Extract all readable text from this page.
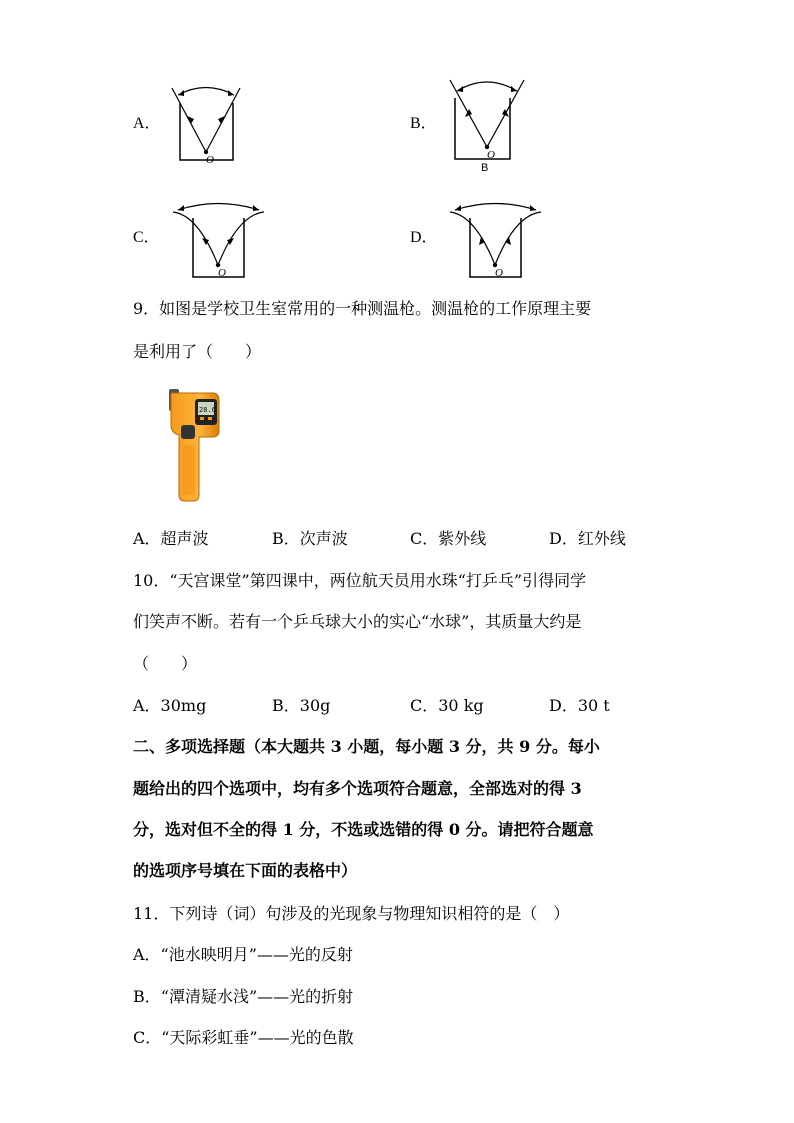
A．	B．
C．	D．
O	O
B
O	O
9．如图是学校卫生室常用的一种测温枪。测温枪的工作原理主要
是利用了（　　）
28.6
A．超声波	B．次声波	C．紫外线	D．红外线
10．“天宫课堂”第四课中，两位航天员用水珠“打乒乓”引得同学
们笑声不断。若有一个乒乓球大小的实心“水球”，其质量大约是
（　　）
A．30mg	B．30g	C．30 kg	D．30 t
二、多项选择题（本大题共 3 小题，每小题 3 分，共 9 分。每小
题给出的四个选项中，均有多个选项符合题意，全部选对的得 3
分，选对但不全的得 1 分，不选或选错的得 0 分。请把符合题意
的选项序号填在下面的表格中）
11．下列诗（词）句涉及的光现象与物理知识相符的是（　）
A．“池水映明月”——光的反射
B．“潭清疑水浅”——光的折射
C．“天际彩虹垂”——光的色散
